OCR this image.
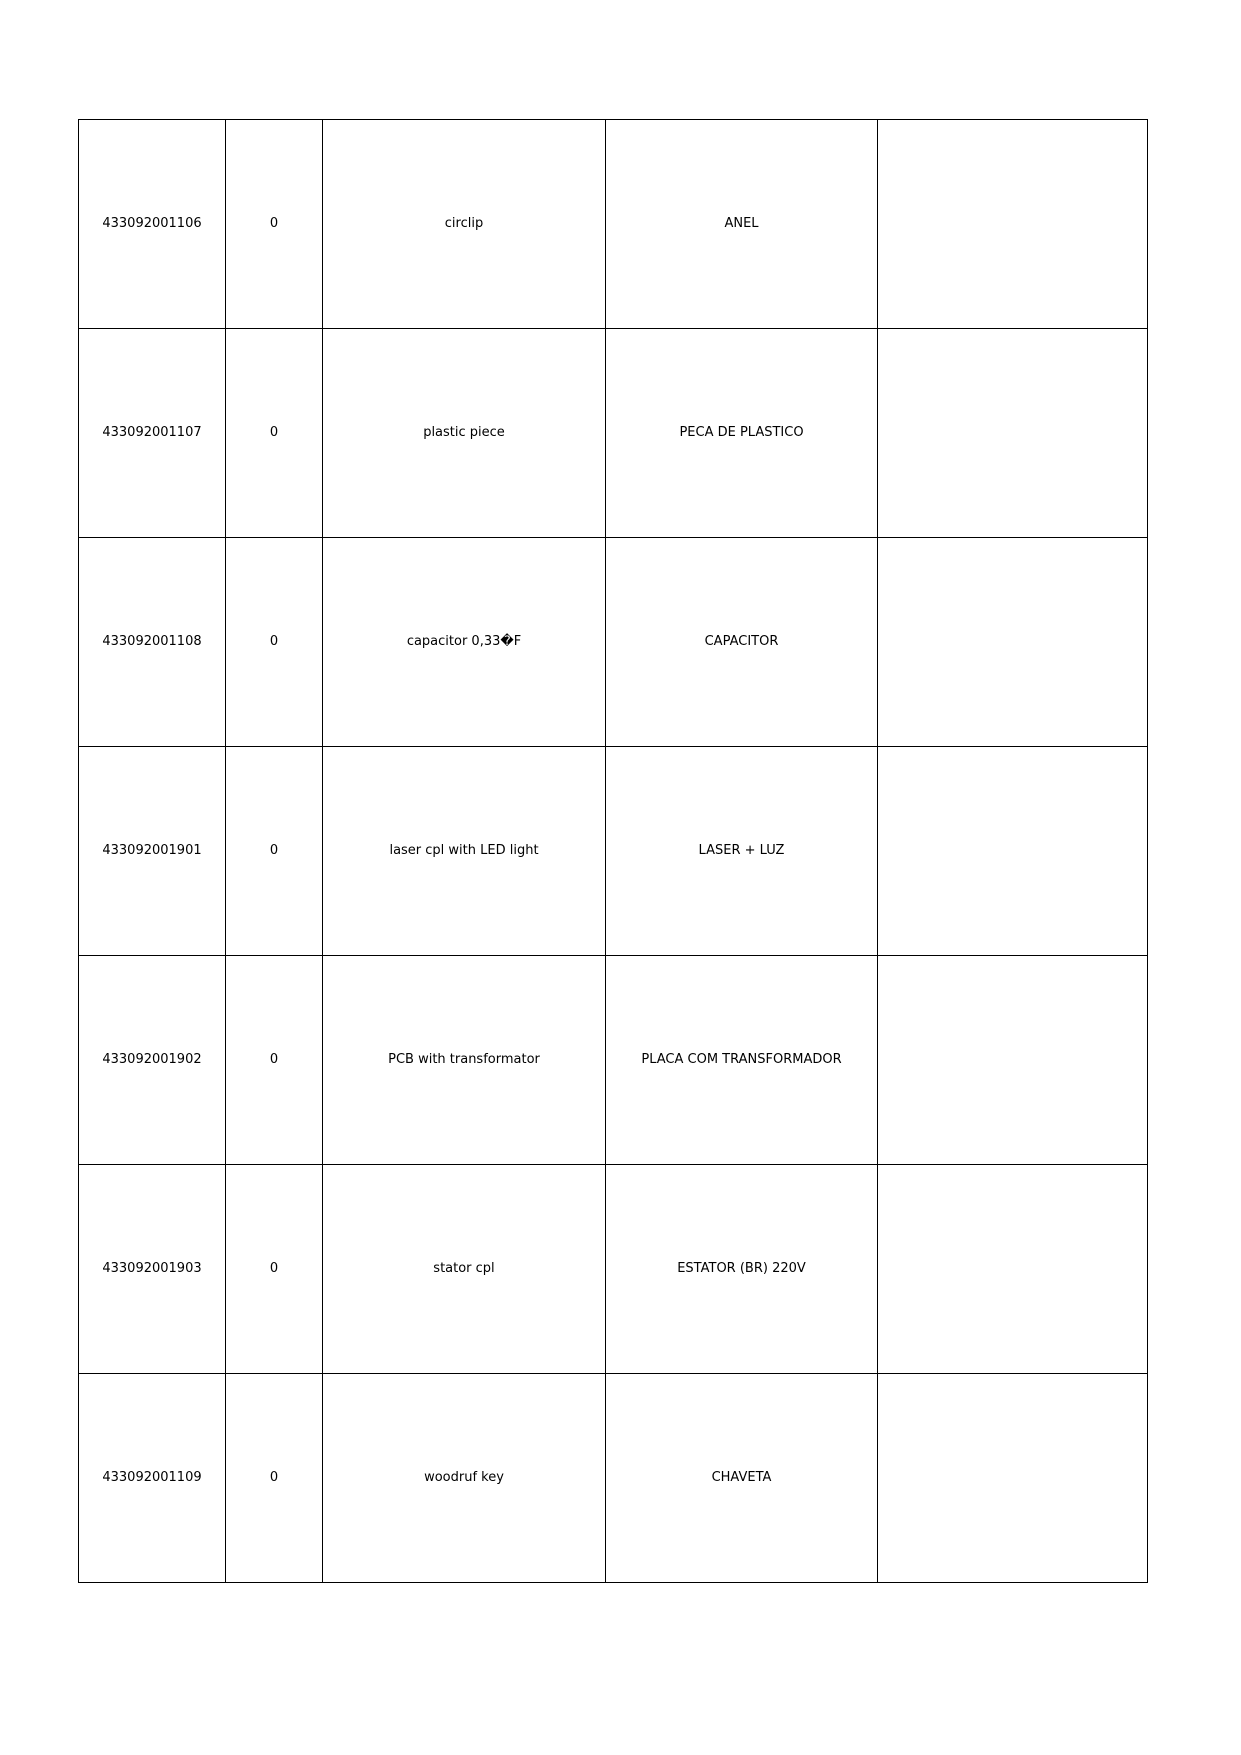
433092001106	0	circlip	ANEL	
433092001107	0	plastic piece	PECA DE PLASTICO	
433092001108	0	capacitor 0,33�F	CAPACITOR	
433092001901	0	laser cpl with LED light	LASER + LUZ	
433092001902	0	PCB with transformator	PLACA COM TRANSFORMADOR	
433092001903	0	stator cpl	ESTATOR (BR) 220V	
433092001109	0	woodruf key	CHAVETA	
